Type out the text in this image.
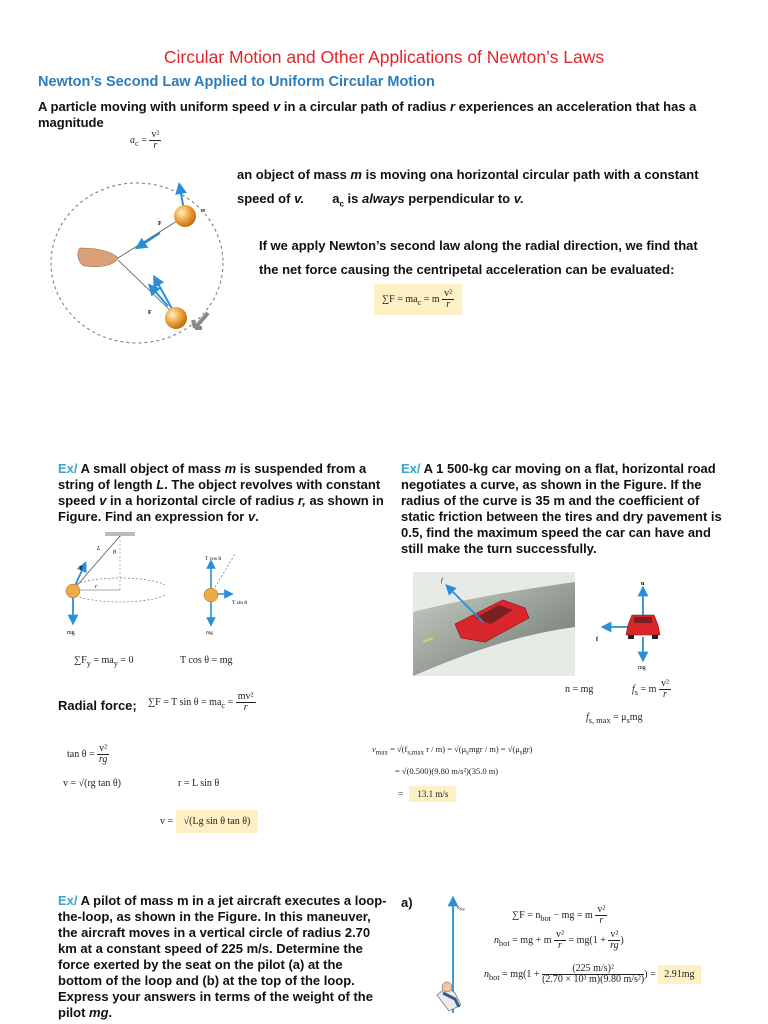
Circular Motion and Other Applications of Newton’s Laws
Newton’s Second Law Applied to Uniform Circular Motion
A particle moving with uniform speed v in a circular path of radius r experiences an acceleration that has a
magnitude
$a_c = \frac{\text{v²}}{r}$
an object of mass m is moving ona horizontal circular path with a constant
speed of v. $a_c$ is always perpendicular to v.
If we apply Newton’s second law along the radial direction, we find that
the net force causing the centripetal acceleration can be evaluated:
$\sum F = ma_c = m \frac{\text{v²}}{r}$
m
F
F
Ex/ A small object of mass m is suspended from a
string of length L. The object revolves with constant
speed v in a horizontal circle of radius r, as shown in
Figure. Find an expression for v.
Ex/ A 1 500-kg car moving on a flat, horizontal road
negotiates a curve, as shown in the Figure. If the
radius of the curve is 35 m and the coefficient of
static friction between the tires and dry pavement is
0.5, find the maximum speed the car can have and
still make the turn successfully.
T
L
θ
r
mg
T cos θ
T sin θ
mg
$\sum F_y = ma_y = 0$	T cos θ = mg
Radial force; ∑F = T $\sin \theta = ma_c = \frac{\text{mv²}}{r}$
$\tan \theta = \frac{\text{v²}}{rg}$
v = √(rg tan θ)	r = L sin θ
v = √(Lg sin θ tan θ)
f	n
f
mg
n = mg	$f_s = m \frac{\text{v²}}{r}$
$f_{s, max} = \mu_smg$
$v_{max} = √(f_{s,max}$ $r / m) = √(\mu_smgr / m) = √(\mu_sgr)$
= √(0.500)(9.80 m/s²)(35.0 m)
= 13.1 m/s
Ex/ A pilot of mass m in a jet aircraft executes a loop-
the-loop, as shown in the Figure. In this maneuver,
the aircraft moves in a vertical circle of radius 2.70
km at a constant speed of 225 m/s. Determine the
force exerted by the seat on the pilot (a) at the
bottom of the loop and (b) at the top of the loop.
Express your answers in terms of the weight of the
pilot mg.
a)	$n_{bot}$
$\sum F = n_{bot}$ − mg = m $\frac{\text{v²}}{r}$
$n_{bot}$ = mg + m $\frac{\text{v²}}{r} = mg(1 + \frac{\text{v²}}{rg}$ )
$n_{bot} = mg(1 + \frac{\text{(225 m/s)²}}{\text{(2.70 × 10³ m)(9.80 m/s²)}}$ ) = 2.91mg
